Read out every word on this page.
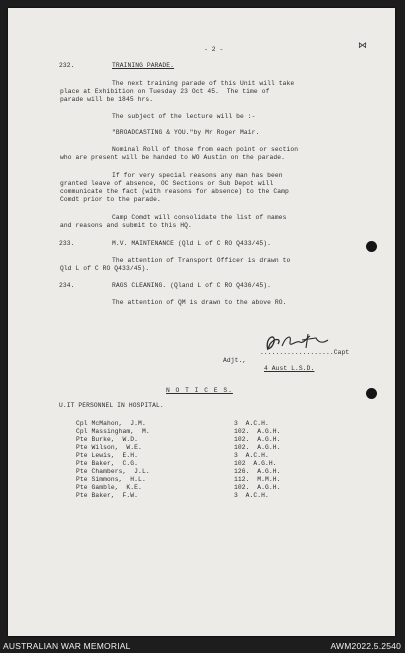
- 2 -	⋈
232.	TRAINING PARADE.
The next training parade of this Unit will take
place at Exhibition on Tuesday 23 Oct 45.  The time of
parade will be 1845 hrs.
The subject of the lecture will be :-
"BROADCASTING & YOU."by Mr Roger Mair.
Nominal Roll of those from each point or section
who are present will be handed to WO Austin on the parade.
If for very special reasons any man has been
granted leave of absence, OC Sections or Sub Depot will
communicate the fact (with reasons for absence) to the Camp
Comdt prior to the parade.
Camp Comdt will consolidate the list of names
and reasons and submit to this HQ.
233.	M.V. MAINTENANCE (Qld L of C RO Q433/45).
The attention of Transport Officer is drawn to
Qld L of C RO Q433/45).
234.	RAGS CLEANING. (Qland L of C RO Q436/45).
The attention of QM is drawn to the above RO.
...................Capt
Adjt.,
4 Aust L.S.D.
N O T I C E S.
U.IT PERSONNEL IN HOSPITAL.
Cpl McMahon,  J.M.	3  A.C.H.
Cpl Massingham,  M.	102.  A.G.H.
Pte Burke,  W.D.	102.  A.G.H.
Pte Wilson,  W.E.	102.  A.G.H.
Pte Lewis,  E.H.	3  A.C.H.
Pte Baker,  C.G.	102  A.G.H.
Pte Chambers,  J.L.	126.  A.G.H.
Pte Simmons,  H.L.	112.  M.M.H.
Pte Gamble,  K.E.	102.  A.G.H.
Pte Baker,  F.W.	3  A.C.H.
AUSTRALIAN WAR MEMORIAL	AWM2022.5.2540
